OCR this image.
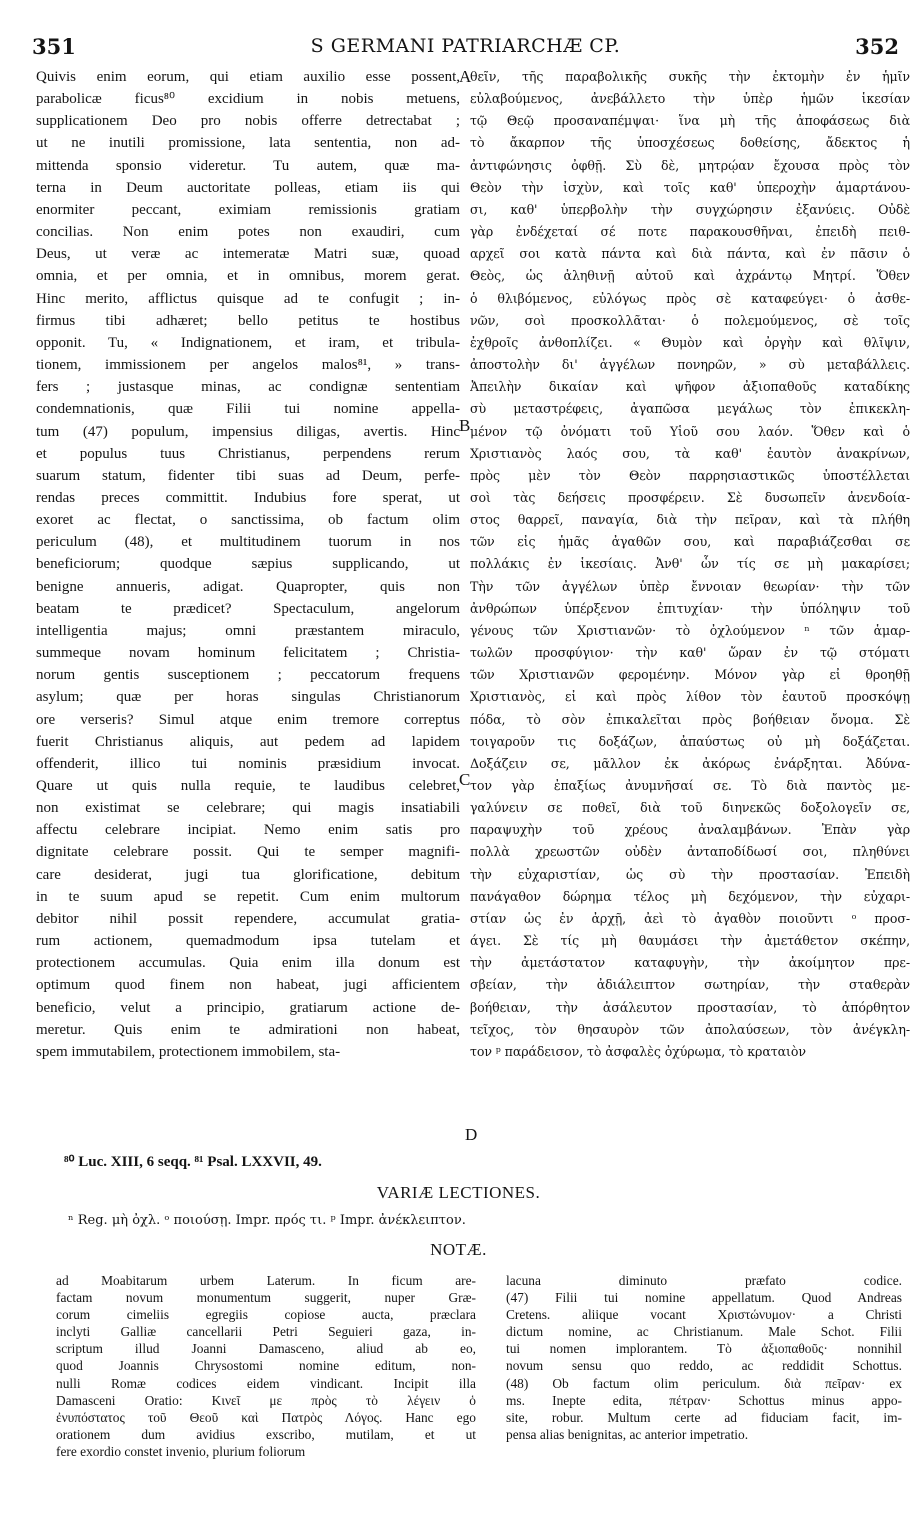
351	S GERMANI PATRIARCHÆ CP.	352
Quivis enim eorum, qui etiam auxilio esse possent,
parabolicæ ficus⁸⁰ excidium in nobis metuens,
supplicationem Deo pro nobis offerre detrectabat ;
ut ne inutili promissione, lata sententia, non ad-
mittenda sponsio videretur. Tu autem, quæ ma-
terna in Deum auctoritate polleas, etiam iis qui
enormiter peccant, eximiam remissionis gratiam
concilias. Non enim potes non exaudiri, cum
Deus, ut veræ ac intemeratæ Matri suæ, quoad
omnia, et per omnia, et in omnibus, morem gerat.
Hinc merito, afflictus quisque ad te confugit ; in-
firmus tibi adhæret; bello petitus te hostibus
opponit. Tu, « Indignationem, et iram, et tribula-
tionem, immissionem per angelos malos⁸¹, » trans-
fers ; justasque minas, ac condignæ sententiam
condemnationis, quæ Filii tui nomine appella-
tum (47) populum, impensius diligas, avertis. Hinc
et populus tuus Christianus, perpendens rerum
suarum statum, fidenter tibi suas ad Deum, perfe-
rendas preces committit. Indubius fore sperat, ut
exoret ac flectat, o sanctissima, ob factum olim
periculum (48), et multitudinem tuorum in nos
beneficiorum; quodque sæpius supplicando, ut
benigne annueris, adigat. Quapropter, quis non
beatam te prædicet? Spectaculum, angelorum
intelligentia majus; omni præstantem miraculo,
summeque novam hominum felicitatem ; Christia-
norum gentis susceptionem ; peccatorum frequens
asylum; quæ per horas singulas Christianorum
ore verseris? Simul atque enim tremore correptus
fuerit Christianus aliquis, aut pedem ad lapidem
offenderit, illico tui nominis præsidium invocat.
Quare ut quis nulla requie, te laudibus celebret,
non existimat se celebrare; qui magis insatiabili
affectu celebrare incipiat. Nemo enim satis pro
dignitate celebrare possit. Qui te semper magnifi-
care desiderat, jugi tua glorificatione, debitum
in te suum apud se repetit. Cum enim multorum
debitor nihil possit rependere, accumulat gratia-
rum actionem, quemadmodum ipsa tutelam et
protectionem accumulas. Quia enim illa donum est
optimum quod finem non habeat, jugi afficientem
beneficio, velut a principio, gratiarum actione de-
meretur. Quis enim te admirationi non habeat,
spem immutabilem, protectionem immobilem, sta-
θεῖν, τῆς παραβολικῆς συκῆς τὴν ἐκτομὴν ἐν ἡμῖν
εὐλαβούμενος, ἀνεβάλλετο τὴν ὑπὲρ ἡμῶν ἱκεσίαν
τῷ Θεῷ προσαναπέμψαι· ἵνα μὴ τῆς ἀποφάσεως διὰ
τὸ ἄκαρπον τῆς ὑποσχέσεως δοθείσης, ἄδεκτος ἡ
ἀντιφώνησις ὀφθῇ. Σὺ δὲ, μητρῴαν ἔχουσα πρὸς τὸν
Θεὸν τὴν ἰσχὺν, καὶ τοῖς καθ' ὑπεροχὴν ἁμαρτάνου-
σι, καθ' ὑπερβολὴν τὴν συγχώρησιν ἐξανύεις. Οὐδὲ
γὰρ ἐνδέχεταί σέ ποτε παρακουσθῆναι, ἐπειδὴ πειθ-
αρχεῖ σοι κατὰ πάντα καὶ διὰ πάντα, καὶ ἐν πᾶσιν ὁ
Θεὸς, ὡς ἀληθινῇ αὐτοῦ καὶ ἀχράντῳ Μητρί. Ὅθεν
ὁ θλιβόμενος, εὐλόγως πρὸς σὲ καταφεύγει· ὁ ἀσθε-
νῶν, σοὶ προσκολλᾶται· ὁ πολεμούμενος, σὲ τοῖς
ἐχθροῖς ἀνθοπλίζει. « Θυμὸν καὶ ὀργὴν καὶ θλῖψιν,
ἀποστολὴν δι' ἀγγέλων πονηρῶν, » σὺ μεταβάλλεις.
Ἀπειλὴν δικαίαν καὶ ψῆφον ἀξιοπαθοῦς καταδίκης
σὺ μεταστρέφεις, ἀγαπῶσα μεγάλως τὸν ἐπικεκλη-
μένον τῷ ὀνόματι τοῦ Υἱοῦ σου λαόν. Ὅθεν καὶ ὁ
Χριστιανὸς λαός σου, τὰ καθ' ἑαυτὸν ἀνακρίνων,
πρὸς μὲν τὸν Θεὸν παρρησιαστικῶς ὑποστέλλεται
σοὶ τὰς δεήσεις προσφέρειν. Σὲ δυσωπεῖν ἀνενδοία-
στος θαρρεῖ, παναγία, διὰ τὴν πεῖραν, καὶ τὰ πλήθη
τῶν εἰς ἡμᾶς ἀγαθῶν σου, καὶ παραβιάζεσθαι σε
πολλάκις ἐν ἱκεσίαις. Ἀνθ' ὧν τίς σε μὴ μακαρίσει;
Τὴν τῶν ἀγγέλων ὑπὲρ ἔννοιαν θεωρίαν· τὴν τῶν
ἀνθρώπων ὑπέρξενον ἐπιτυχίαν· τὴν ὑπόληψιν τοῦ
γένους τῶν Χριστιανῶν· τὸ ὀχλούμενον ⁿ τῶν ἁμαρ-
τωλῶν προσφύγιον· τὴν καθ' ὥραν ἐν τῷ στόματι
τῶν Χριστιανῶν φερομένην. Μόνον γὰρ εἰ θροηθῇ
Χριστιανὸς, εἰ καὶ πρὸς λίθον τὸν ἑαυτοῦ προσκόψῃ
πόδα, τὸ σὸν ἐπικαλεῖται πρὸς βοήθειαν ὄνομα. Σὲ
τοιγαροῦν τις δοξάζων, ἀπαύστως οὐ μὴ δοξάζεται.
Δοξάζειν σε, μᾶλλον ἐκ ἀκόρως ἐνάρξηται. Ἀδύνα-
τον γὰρ ἐπαξίως ἀνυμνῆσαί σε. Τὸ διὰ παντὸς με-
γαλύνειν σε ποθεῖ, διὰ τοῦ διηνεκῶς δοξολογεῖν σε,
παραψυχὴν τοῦ χρέους ἀναλαμβάνων. Ἐπὰν γὰρ
πολλὰ χρεωστῶν οὐδὲν ἀνταποδίδωσί σοι, πληθύνει
τὴν εὐχαριστίαν, ὡς σὺ τὴν προστασίαν. Ἐπειδὴ
πανάγαθον δώρημα τέλος μὴ δεχόμενον, τὴν εὐχαρι-
στίαν ὡς ἐν ἀρχῇ, ἀεὶ τὸ ἀγαθὸν ποιοῦντι ᵒ προσ-
άγει. Σὲ τίς μὴ θαυμάσει τὴν ἀμετάθετον σκέπην,
τὴν ἀμετάστατον καταφυγὴν, τὴν ἀκοίμητον πρε-
σβείαν, τὴν ἀδιάλειπτον σωτηρίαν, τὴν σταθερὰν
βοήθειαν, τὴν ἀσάλευτον προστασίαν, τὸ ἀπόρθητον
τεῖχος, τὸν θησαυρὸν τῶν ἀπολαύσεων, τὸν ἀνέγκλη-
τον ᵖ παράδεισον, τὸ ἀσφαλὲς ὀχύρωμα, τὸ κραταιὸν
A
B
C
D
⁸⁰ Luc. XIII, 6 seqq. ⁸¹ Psal. LXXVII, 49.
VARIÆ LECTIONES.
ⁿ Reg. μὴ ὀχλ. ᵒ ποιούσῃ. Impr. πρός τι. ᵖ Impr. ἀνέκλειπτον.
NOTÆ.
ad Moabitarum urbem Laterum. In ficum are-
factam novum monumentum suggerit, nuper Græ-
corum cimeliis egregiis copiose aucta, præclara
inclyti Galliæ cancellarii Petri Seguieri gaza, in-
scriptum illud Joanni Damasceno, aliud ab eo,
quod Joannis Chrysostomi nomine editum, non-
nulli Romæ codices eidem vindicant. Incipit illa
Damasceni Oratio: Κινεῖ με πρὸς τὸ λέγειν ὁ
ἐνυπόστατος τοῦ Θεοῦ καὶ Πατρὸς Λόγος. Hanc ego
orationem dum avidius exscribo, mutilam, et ut
fere exordio constet invenio, plurium foliorum
lacuna diminuto præfato codice.
(47) Filii tui nomine appellatum. Quod Andreas
Cretens. aliique vocant Χριστώνυμον· a Christi
dictum nomine, ac Christianum. Male Schot. Filii
tui nomen implorantem. Τὸ ἀξιοπαθοῦς· nonnihil
novum sensu quo reddo, ac reddidit Schottus.
(48) Ob factum olim periculum. διὰ πεῖραν· ex
ms. Inepte edita, πέτραν· Schottus minus appo-
site, robur. Multum certe ad fiduciam facit, im-
pensa alias benignitas, ac anterior impetratio.
